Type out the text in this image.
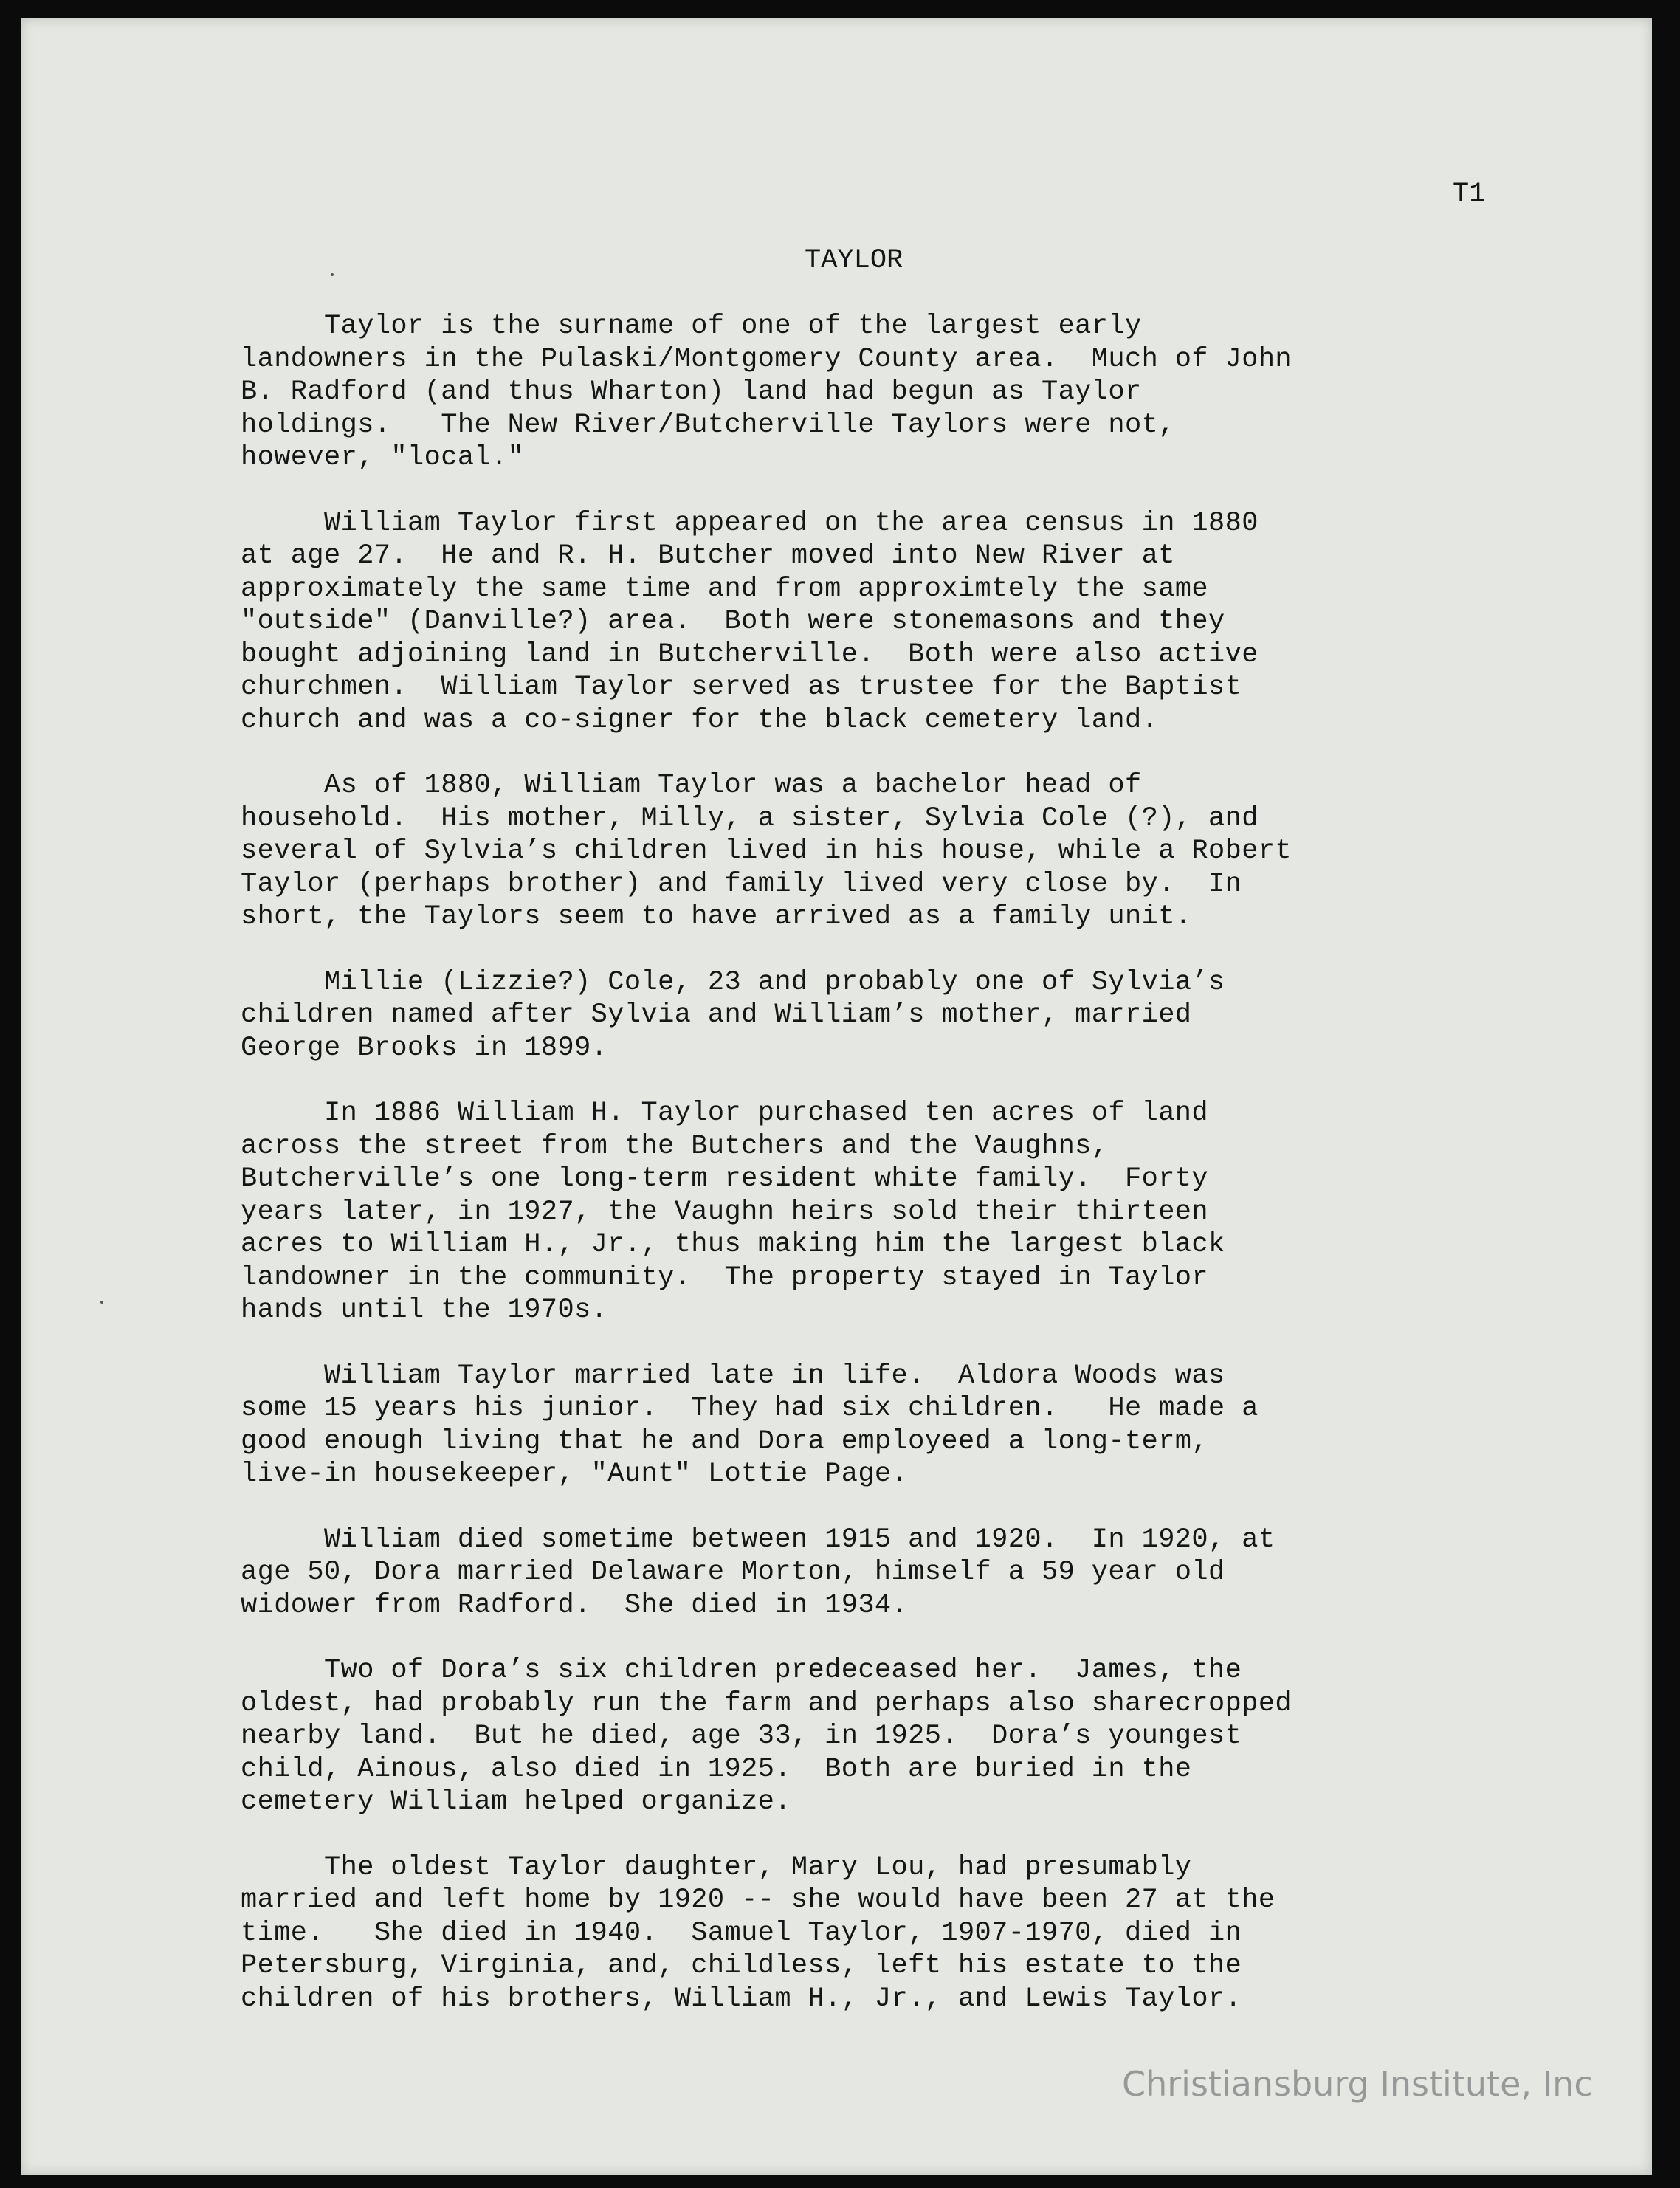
T1
TAYLOR

Taylor is the surname of one of the largest early
landowners in the Pulaski/Montgomery County area.  Much of John
B. Radford (and thus Wharton) land had begun as Taylor
holdings.   The New River/Butcherville Taylors were not,
however, "local."

William Taylor first appeared on the area census in 1880
at age 27.  He and R. H. Butcher moved into New River at
approximately the same time and from approximtely the same
"outside" (Danville?) area.  Both were stonemasons and they
bought adjoining land in Butcherville.  Both were also active
churchmen.  William Taylor served as trustee for the Baptist
church and was a co-signer for the black cemetery land.

As of 1880, William Taylor was a bachelor head of
household.  His mother, Milly, a sister, Sylvia Cole (?), and
several of Sylvia’s children lived in his house, while a Robert
Taylor (perhaps brother) and family lived very close by.  In
short, the Taylors seem to have arrived as a family unit.

Millie (Lizzie?) Cole, 23 and probably one of Sylvia’s
children named after Sylvia and William’s mother, married
George Brooks in 1899.

In 1886 William H. Taylor purchased ten acres of land
across the street from the Butchers and the Vaughns,
Butcherville’s one long-term resident white family.  Forty
years later, in 1927, the Vaughn heirs sold their thirteen
acres to William H., Jr., thus making him the largest black
landowner in the community.  The property stayed in Taylor
hands until the 1970s.

William Taylor married late in life.  Aldora Woods was
some 15 years his junior.  They had six children.   He made a
good enough living that he and Dora employeed a long-term,
live-in housekeeper, "Aunt" Lottie Page.

William died sometime between 1915 and 1920.  In 1920, at
age 50, Dora married Delaware Morton, himself a 59 year old
widower from Radford.  She died in 1934.

Two of Dora’s six children predeceased her.  James, the
oldest, had probably run the farm and perhaps also sharecropped
nearby land.  But he died, age 33, in 1925.  Dora’s youngest
child, Ainous, also died in 1925.  Both are buried in the
cemetery William helped organize.

The oldest Taylor daughter, Mary Lou, had presumably
married and left home by 1920 -- she would have been 27 at the
time.   She died in 1940.  Samuel Taylor, 1907-1970, died in
Petersburg, Virginia, and, childless, left his estate to the
children of his brothers, William H., Jr., and Lewis Taylor.

Christiansburg Institute, Inc
